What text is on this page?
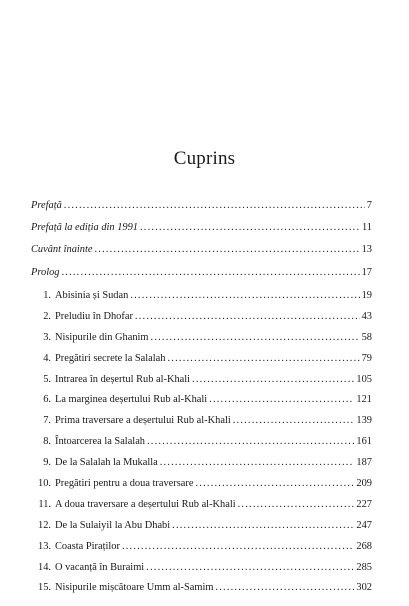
Cuprins
Prefață .....	7
Prefață la ediția din 1991 .....	11
Cuvânt înainte .....	13
Prolog .....	17
1. Abisinia și Sudan .....	19
2. Preludiu în Dhofar .....	43
3. Nisipurile din Ghanim .....	58
4. Pregătiri secrete la Salalah .....	79
5. Intrarea în deșertul Rub al-Khali .....	105
6. La marginea deșertului Rub al-Khali .....	121
7. Prima traversare a deșertului Rub al-Khali .....	139
8. Întoarcerea la Salalah .....	161
9. De la Salalah la Mukalla .....	187
10. Pregătiri pentru a doua traversare .....	209
11. A doua traversare a deșertului Rub al-Khali .....	227
12. De la Sulaiyil la Abu Dhabi .....	247
13. Coasta Piraților .....	268
14. O vacanță în Buraimi .....	285
15. Nisipurile mișcătoare Umm al-Samim .....	302
